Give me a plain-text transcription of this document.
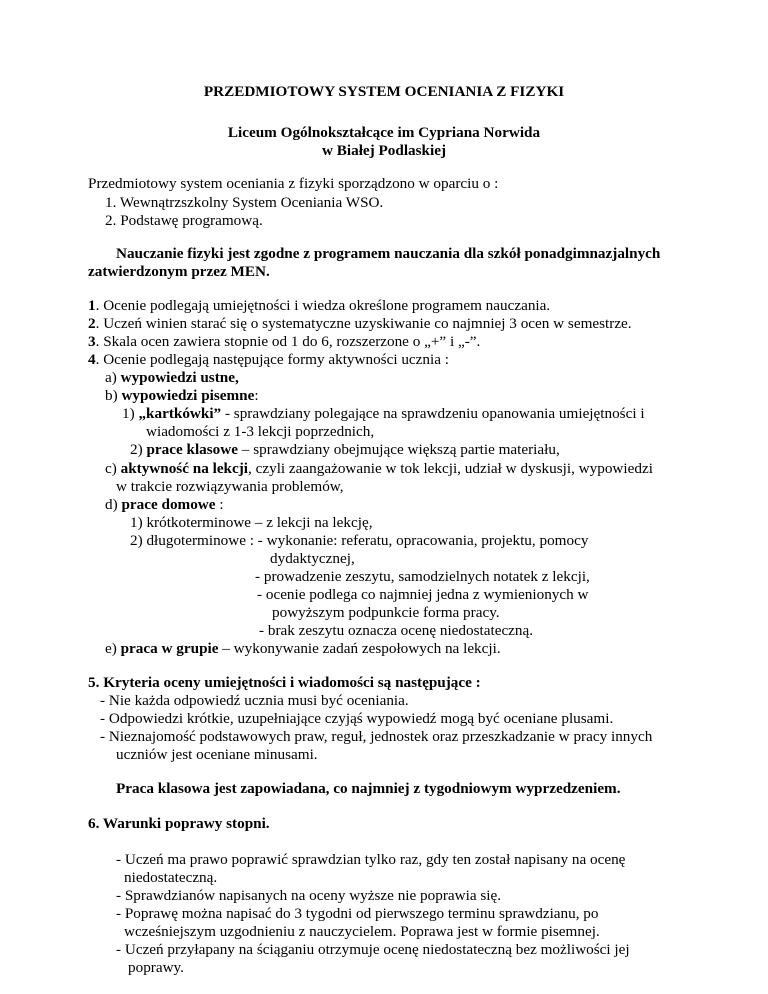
PRZEDMIOTOWY SYSTEM OCENIANIA Z FIZYKI
Liceum Ogólnokształcące im Cypriana Norwida
w Białej Podlaskiej
Przedmiotowy system oceniania z fizyki sporządzono w oparciu o :
1. Wewnątrzszkolny System Oceniania WSO.
2. Podstawę programową.
Nauczanie fizyki jest zgodne z programem nauczania dla szkół ponadgimnazjalnych
zatwierdzonym przez MEN.
1. Ocenie podlegają umiejętności i wiedza określone programem nauczania.
2. Uczeń winien starać się o systematyczne uzyskiwanie co najmniej 3 ocen w semestrze.
3. Skala ocen zawiera stopnie od 1 do 6, rozszerzone o „+” i „-”.
4. Ocenie podlegają następujące formy aktywności ucznia :
a) wypowiedzi ustne,
b) wypowiedzi pisemne:
1) „kartkówki” - sprawdziany polegające na sprawdzeniu opanowania umiejętności i
wiadomości z 1-3 lekcji poprzednich,
2) prace klasowe – sprawdziany obejmujące większą partie materiału,
c) aktywność na lekcji, czyli zaangażowanie w tok lekcji, udział w dyskusji, wypowiedzi
w trakcie rozwiązywania problemów,
d) prace domowe :
1) krótkoterminowe – z lekcji na lekcję,
2) długoterminowe : - wykonanie: referatu, opracowania, projektu, pomocy
dydaktycznej,
- prowadzenie zeszytu, samodzielnych notatek z lekcji,
- ocenie podlega co najmniej jedna z wymienionych w
powyższym podpunkcie forma pracy.
- brak zeszytu oznacza ocenę niedostateczną.
e) praca w grupie – wykonywanie zadań zespołowych na lekcji.
5. Kryteria oceny umiejętności i wiadomości są następujące :
- Nie każda odpowiedź ucznia musi być oceniania.
- Odpowiedzi krótkie, uzupełniające czyjąś wypowiedź mogą być oceniane plusami.
- Nieznajomość podstawowych praw, reguł, jednostek oraz przeszkadzanie w pracy innych
uczniów jest oceniane minusami.
Praca klasowa jest zapowiadana, co najmniej z tygodniowym wyprzedzeniem.
6. Warunki poprawy stopni.
- Uczeń ma prawo poprawić sprawdzian tylko raz, gdy ten został napisany na ocenę
niedostateczną.
- Sprawdzianów napisanych na oceny wyższe nie poprawia się.
- Poprawę można napisać do 3 tygodni od pierwszego terminu sprawdzianu, po
wcześniejszym uzgodnieniu z nauczycielem. Poprawa jest w formie pisemnej.
- Uczeń przyłapany na ściąganiu otrzymuje ocenę niedostateczną bez możliwości jej
poprawy.
